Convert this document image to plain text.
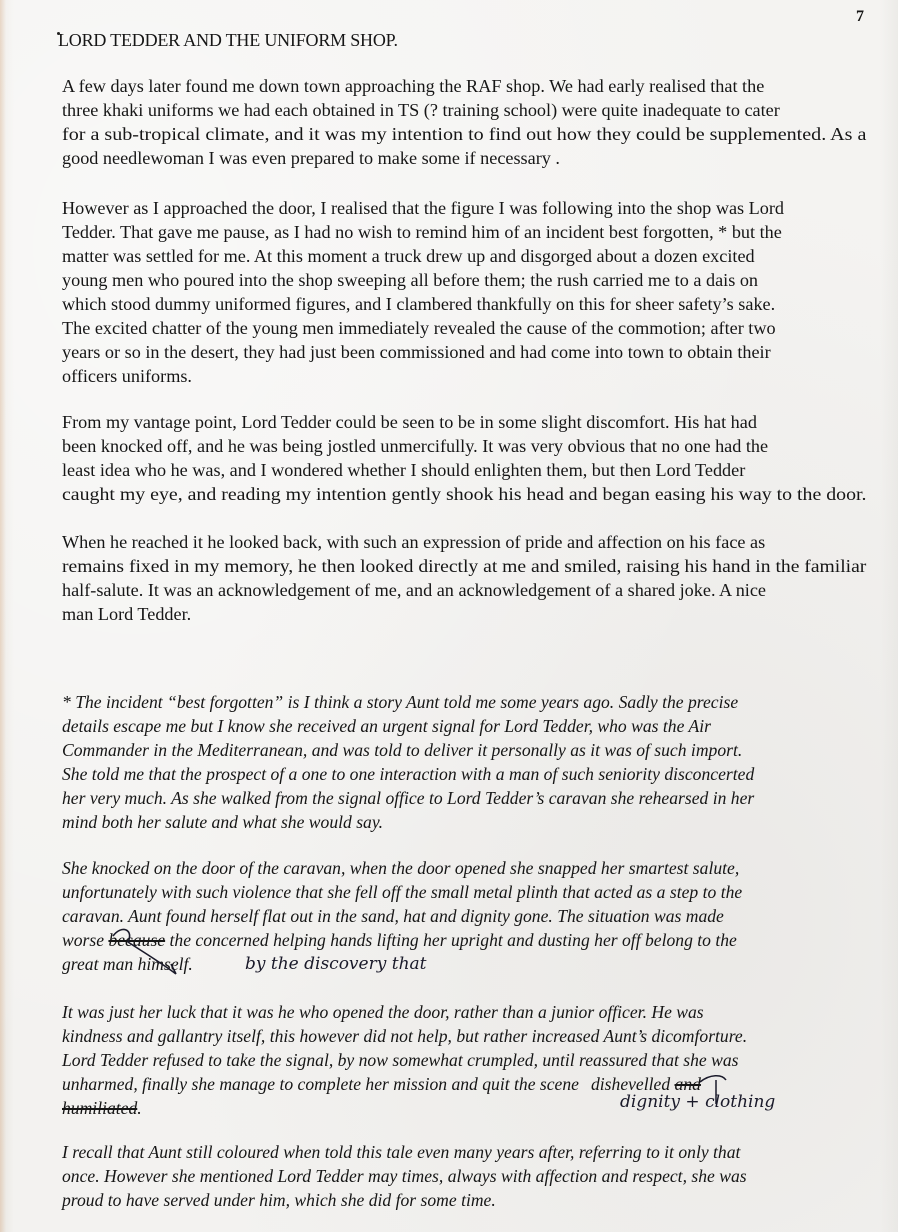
7
LORD TEDDER AND THE UNIFORM SHOP.
A few days later found me down town approaching the RAF shop. We had early realised that the
three khaki uniforms we had each obtained in TS (? training school) were quite inadequate to cater
for a sub-tropical climate, and it was my intention to find out how they could be supplemented. As a
good needlewoman I was even prepared to make some if necessary .
However as I approached the door, I realised that the figure I was following into the shop was Lord
Tedder. That gave me pause, as I had no wish to remind him of an incident best forgotten, * but the
matter was settled for me. At this moment a truck drew up and disgorged about a dozen excited
young men who poured into the shop sweeping all before them; the rush carried me to a dais on
which stood dummy uniformed figures, and I clambered thankfully on this for sheer safety’s sake.
The excited chatter of the young men immediately revealed the cause of the commotion; after two
years or so in the desert, they had just been commissioned and had come into town to obtain their
officers uniforms.
From my vantage point, Lord Tedder could be seen to be in some slight discomfort. His hat had
been knocked off, and he was being jostled unmercifully. It was very obvious that no one had the
least idea who he was, and I wondered whether I should enlighten them, but then Lord Tedder
caught my eye, and reading my intention gently shook his head and began easing his way to the door.
When he reached it he looked back, with such an expression of pride and affection on his face as
remains fixed in my memory, he then looked directly at me and smiled, raising his hand in the familiar
half-salute. It was an acknowledgement of me, and an acknowledgement of a shared joke. A nice
man Lord Tedder.
* The incident “best forgotten” is I think a story Aunt told me some years ago. Sadly the precise
details escape me but I know she received an urgent signal for Lord Tedder, who was the Air
Commander in the Mediterranean, and was told to deliver it personally as it was of such import.
She told me that the prospect of a one to one interaction with a man of such seniority disconcerted
her very much. As she walked from the signal office to Lord Tedder’s caravan she rehearsed in her
mind both her salute and what she would say.
She knocked on the door of the caravan, when the door opened she snapped her smartest salute,
unfortunately with such violence that she fell off the small metal plinth that acted as a step to the
caravan. Aunt found herself flat out in the sand, hat and dignity gone. The situation was made
worse because the concerned helping hands lifting her upright and dusting her off belong to the
great man himself.	by the discovery that
It was just her luck that it was he who opened the door, rather than a junior officer. He was
kindness and gallantry itself, this however did not help, but rather increased Aunt’s dicomforture.
Lord Tedder refused to take the signal, by now somewhat crumpled, until reassured that she was
unharmed, finally she manage to complete her mission and quit the scene dishevelled and
humiliated.	dignity + clothing
I recall that Aunt still coloured when told this tale even many years after, referring to it only that
once. However she mentioned Lord Tedder may times, always with affection and respect, she was
proud to have served under him, which she did for some time.
